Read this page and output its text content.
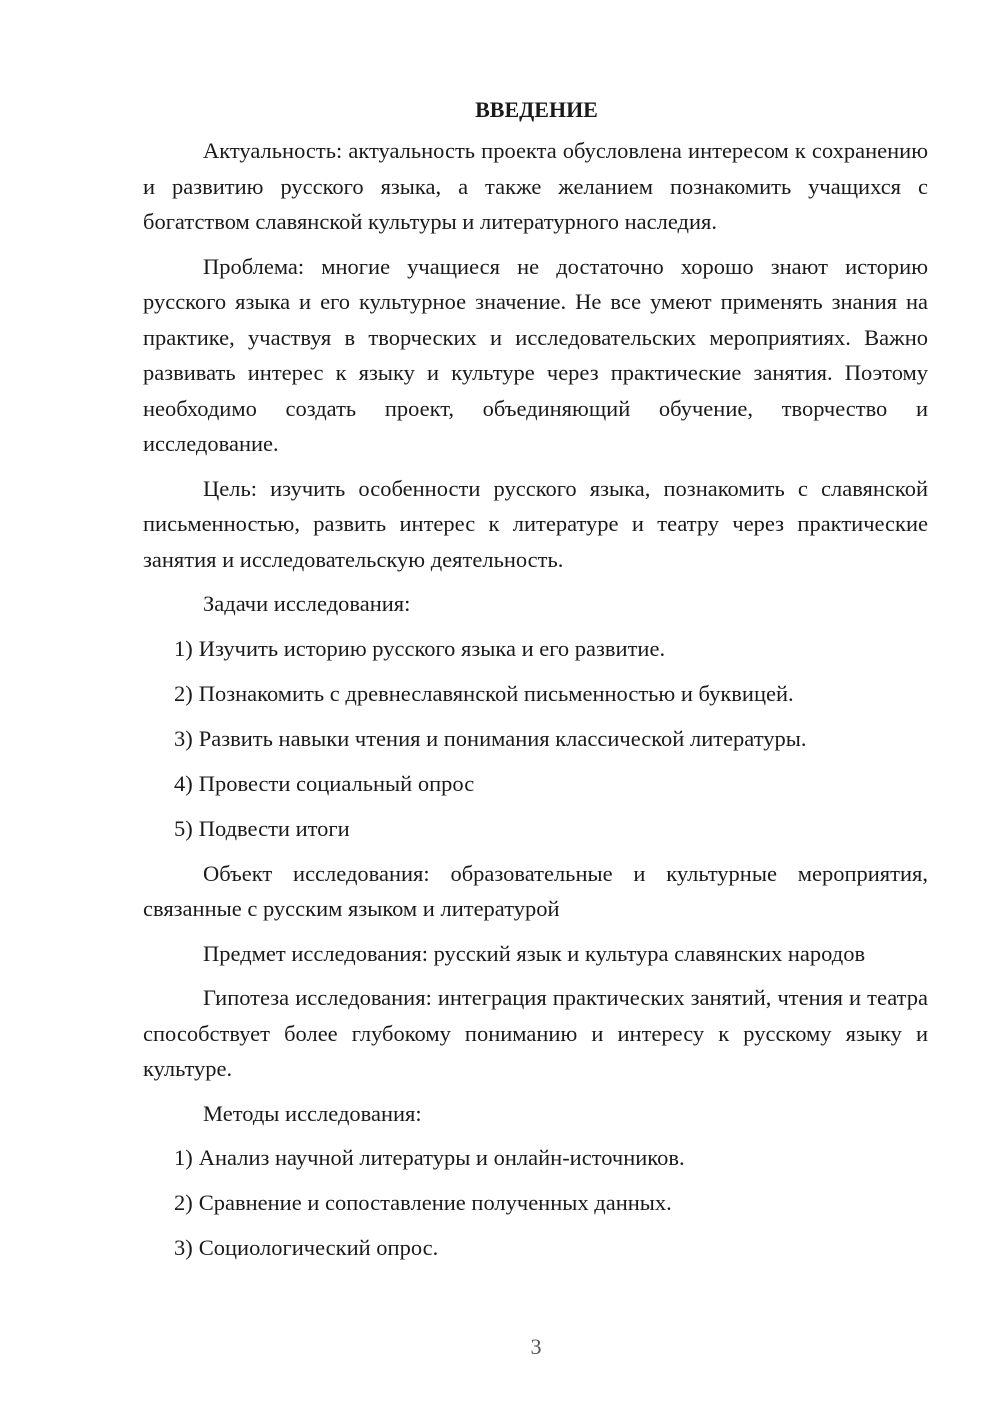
ВВЕДЕНИЕ

Актуальность: актуальность проекта обусловлена интересом к сохранению и развитию русского языка, а также желанием познакомить учащихся с богатством славянской культуры и литературного наследия.

Проблема: многие учащиеся не достаточно хорошо знают историю русского языка и его культурное значение. Не все умеют применять знания на практике, участвуя в творческих и исследовательских мероприятиях. Важно развивать интерес к языку и культуре через практические занятия. Поэтому необходимо создать проект, объединяющий обучение, творчество и исследование.

Цель: изучить особенности русского языка, познакомить с славянской письменностью, развить интерес к литературе и театру через практические занятия и исследовательскую деятельность.

Задачи исследования:

1) Изучить историю русского языка и его развитие.
2) Познакомить с древнеславянской письменностью и буквицей.
3) Развить навыки чтения и понимания классической литературы.
4) Провести социальный опрос
5) Подвести итоги

Объект исследования: образовательные и культурные мероприятия, связанные с русским языком и литературой

Предмет исследования: русский язык и культура славянских народов

Гипотеза исследования: интеграция практических занятий, чтения и театра способствует более глубокому пониманию и интересу к русскому языку и культуре.

Методы исследования:

1) Анализ научной литературы и онлайн-источников.
2) Сравнение и сопоставление полученных данных.
3) Социологический опрос.
3
